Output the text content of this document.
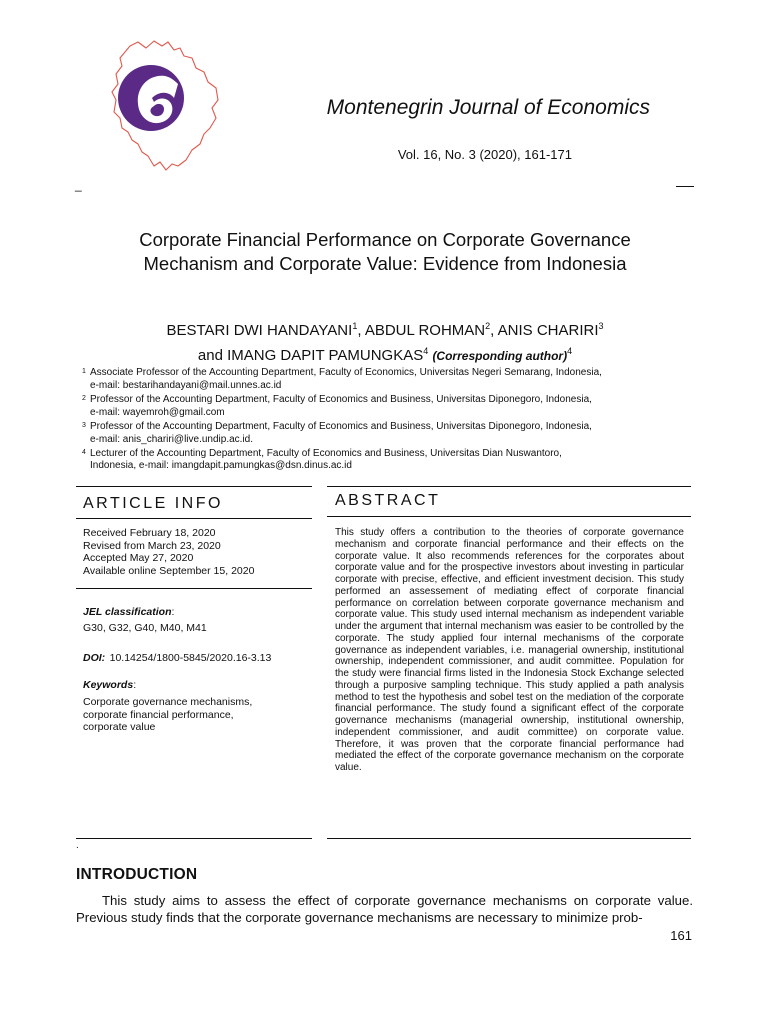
Montenegrin Journal of Economics
Vol. 16, No. 3 (2020), 161-171
_
Corporate Financial Performance on Corporate Governance
Mechanism and Corporate Value: Evidence from Indonesia
BESTARI DWI HANDAYANI$^1$, ABDUL ROHMAN$^2$, ANIS CHARIRI$^3$
and IMANG DAPIT PAMUNGKAS$^4$ (Corresponding author)$^4$
1 Associate Professor of the Accounting Department, Faculty of Economics, Universitas Negeri Semarang, Indonesia,
e-mail: bestarihandayani@mail.unnes.ac.id
2 Professor of the Accounting Department, Faculty of Economics and Business, Universitas Diponegoro, Indonesia,
e-mail: wayemroh@gmail.com
3 Professor of the Accounting Department, Faculty of Economics and Business, Universitas Diponegoro, Indonesia,
e-mail: anis_chariri@live.undip.ac.id.
4 Lecturer of the Accounting Department, Faculty of Economics and Business, Universitas Dian Nuswantoro,
Indonesia, e-mail: imangdapit.pamungkas@dsn.dinus.ac.id
ARTICLE INFO
Received February 18, 2020
Revised from March 23, 2020
Accepted May 27, 2020
Available online September 15, 2020
JEL classification:
G30, G32, G40, M40, M41
DOI: 10.14254/1800-5845/2020.16-3.13
Keywords:
Corporate governance mechanisms,
corporate financial performance,
corporate value
ABSTRACT
This study offers a contribution to the theories of corporate governance mechanism and corporate financial performance and their effects on the corporate value. It also recommends references for the corporates about corporate value and for the prospective investors about investing in particular corporate with precise, effective, and efficient investment decision. This study performed an assessement of mediating effect of corporate financial performance on correlation between corporate governance mechanism and corporate value. This study used internal mechanism as independent variable under the argument that internal mechanism was easier to be controlled by the corporate. The study applied four internal mechanisms of the corporate governance as independent variables, i.e. managerial ownership, institutional ownership, independent commissioner, and audit committee. Population for the study were financial firms listed in the Indonesia Stock Exchange selected through a purposive sampling technique. This study applied a path analysis method to test the hypothesis and sobel test on the mediation of the corporate financial performance. The study found a significant effect of the corporate governance mechanisms (managerial ownership, institutional ownership, independent commissioner, and audit committee) on corporate value. Therefore, it was proven that the corporate financial performance had mediated the effect of the corporate governance mechanism on the corporate value.
.
INTRODUCTION
This study aims to assess the effect of corporate governance mechanisms on corporate value. Previous study finds that the corporate governance mechanisms are necessary to minimize prob-
161
